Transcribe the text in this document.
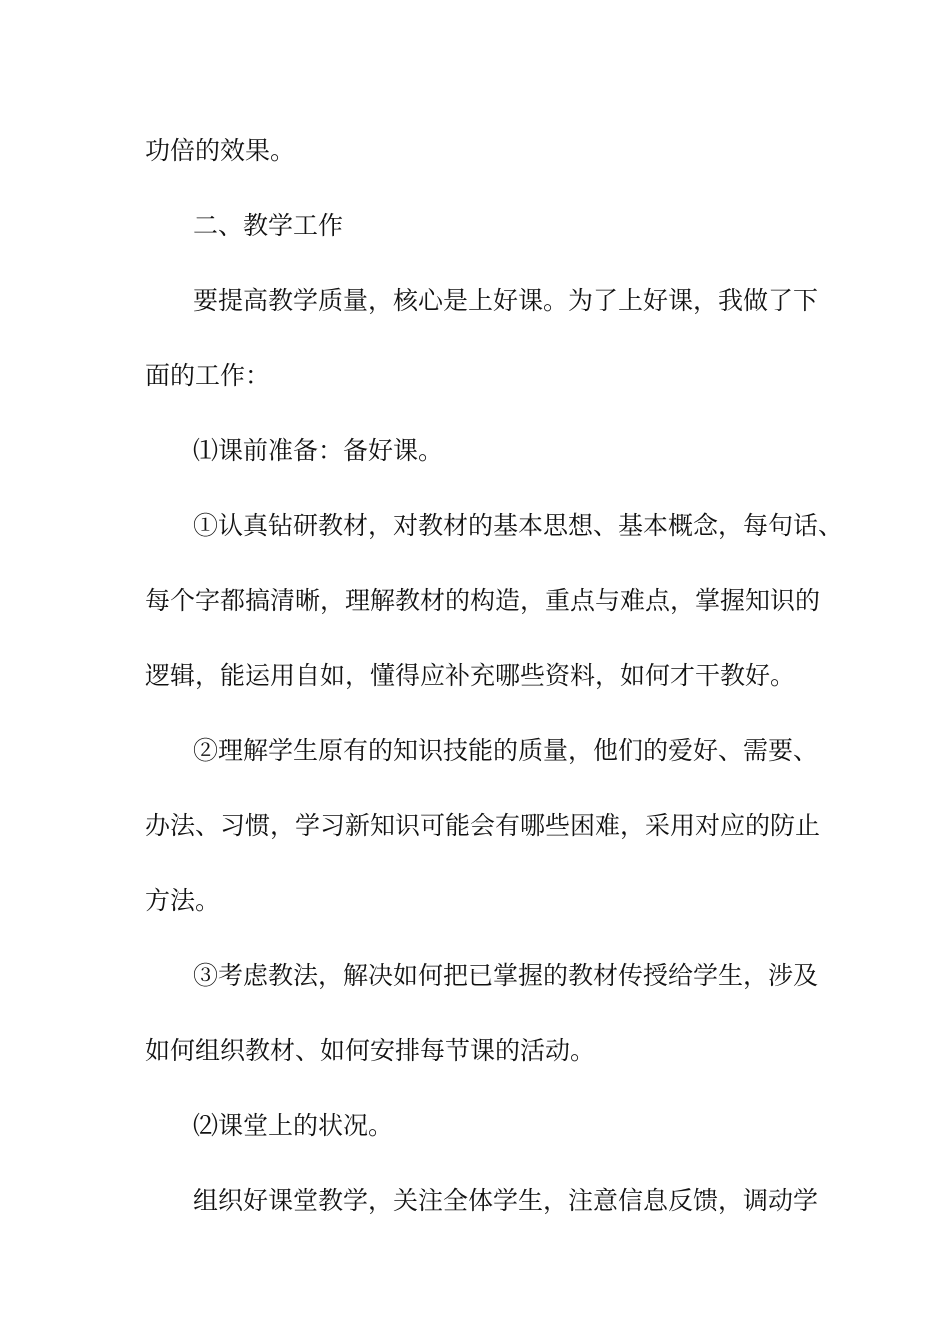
功倍的效果。
二、教学工作
要提高教学质量，核心是上好课。为了上好课，我做了下
面的工作：
⑴课前准备：备好课。
①认真钻研教材，对教材的基本思想、基本概念，每句话、
每个字都搞清晰，理解教材的构造，重点与难点，掌握知识的
逻辑，能运用自如，懂得应补充哪些资料，如何才干教好。
②理解学生原有的知识技能的质量，他们的爱好、需要、
办法、习惯，学习新知识可能会有哪些困难，采用对应的防止
方法。
③考虑教法，解决如何把已掌握的教材传授给学生，涉及
如何组织教材、如何安排每节课的活动。
⑵课堂上的状况。
组织好课堂教学，关注全体学生，注意信息反馈，调动学
